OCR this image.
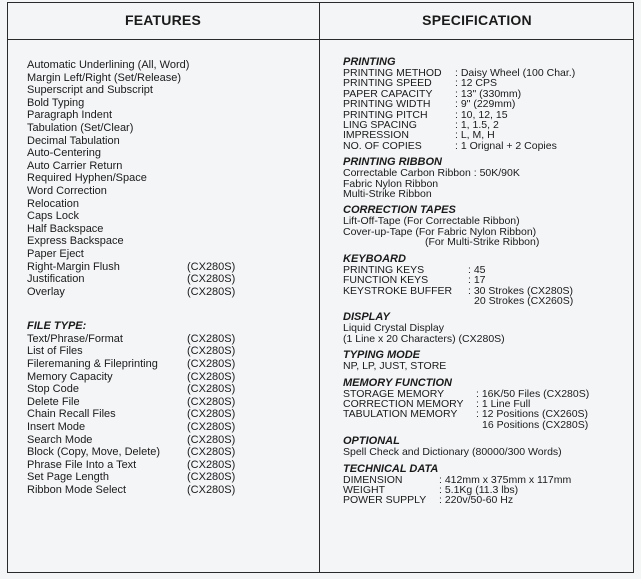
FEATURES	SPECIFICATION
Automatic Underlining (All, Word)
Margin Left/Right (Set/Release)
Superscript and Subscript
Bold Typing
Paragraph Indent
Tabulation (Set/Clear)
Decimal Tabulation
Auto-Centering
Auto Carrier Return
Required Hyphen/Space
Word Correction
Relocation
Caps Lock
Half Backspace
Express Backspace
Paper Eject
Right-Margin Flush	(CX280S)
Justification	(CX280S)
Overlay	(CX280S)
FILE TYPE:
Text/Phrase/Format	(CX280S)
List of Files	(CX280S)
Fileremaning & Fileprinting	(CX280S)
Memory Capacity	(CX280S)
Stop Code	(CX280S)
Delete File	(CX280S)
Chain Recall Files	(CX280S)
Insert Mode	(CX280S)
Search Mode	(CX280S)
Block (Copy, Move, Delete)	(CX280S)
Phrase File Into a Text	(CX280S)
Set Page Length	(CX280S)
Ribbon Mode Select	(CX280S)
PRINTING
PRINTING METHOD	: Daisy Wheel (100 Char.)
PRINTING SPEED	: 12 CPS
PAPER CAPACITY	: 13" (330mm)
PRINTING WIDTH	: 9" (229mm)
PRINTING PITCH	: 10, 12, 15
LING SPACING	: 1, 1.5, 2
IMPRESSION	: L, M, H
NO. OF COPIES	: 1 Orignal + 2 Copies
PRINTING RIBBON
Correctable Carbon Ribbon : 50K/90K
Fabric Nylon Ribbon
Multi-Strike Ribbon
CORRECTION TAPES
Lift-Off-Tape (For Correctable Ribbon)
Cover-up-Tape (For Fabric Nylon Ribbon)
(For Multi-Strike Ribbon)
KEYBOARD
PRINTING KEYS	: 45
FUNCTION KEYS	: 17
KEYSTROKE BUFFER	: 30 Strokes (CX280S)
20 Strokes (CX260S)
DISPLAY
Liquid Crystal Display
(1 Line x 20 Characters) (CX280S)
TYPING MODE
NP, LP, JUST, STORE
MEMORY FUNCTION
STORAGE MEMORY	: 16K/50 Files (CX280S)
CORRECTION MEMORY	: 1 Line Full
TABULATION MEMORY	: 12 Positions (CX260S)
16 Positions (CX280S)
OPTIONAL
Spell Check and Dictionary (80000/300 Words)
TECHNICAL DATA
DIMENSION	: 412mm x 375mm x 117mm
WEIGHT	: 5.1Kg (11.3 lbs)
POWER SUPPLY	: 220v/50-60 Hz
